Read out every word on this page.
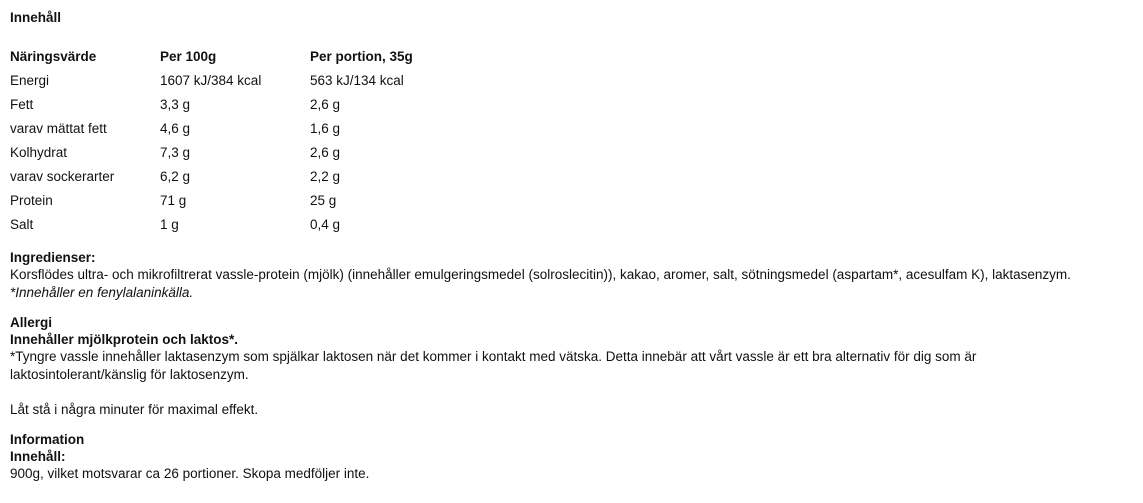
Innehåll
Näringsvärde	Per 100g	Per portion, 35g
Energi	1607 kJ/384 kcal	563 kJ/134 kcal
Fett	3,3 g	2,6 g
varav mättat fett	4,6 g	1,6 g
Kolhydrat	7,3 g	2,6 g
varav sockerarter	6,2 g	2,2 g
Protein	71 g	25 g
Salt	1 g	0,4 g
Ingredienser:
Korsflödes ultra- och mikrofiltrerat vassle-protein (mjölk) (innehåller emulgeringsmedel (solroslecitin)), kakao, aromer, salt, sötningsmedel (aspartam*, acesulfam K), laktasenzym.
*Innehåller en fenylalaninkälla.
Allergi
Innehåller mjölkprotein och laktos*.
*Tyngre vassle innehåller laktasenzym som spjälkar laktosen när det kommer i kontakt med vätska. Detta innebär att vårt vassle är ett bra alternativ för dig som är
laktosintolerant/känslig för laktosenzym.
Låt stå i några minuter för maximal effekt.
Information
Innehåll:
900g, vilket motsvarar ca 26 portioner. Skopa medföljer inte.
